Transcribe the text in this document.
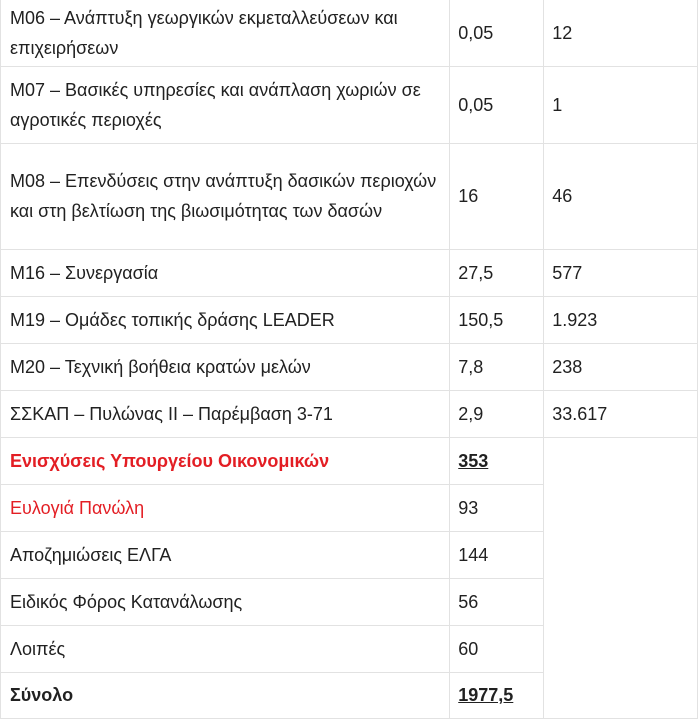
Μ06 – Ανάπτυξη γεωργικών εκμεταλλεύσεων και επιχειρήσεων	0,05	12
Μ07 – Βασικές υπηρεσίες και ανάπλαση χωριών σε αγροτικές περιοχές	0,05	1
Μ08 – Επενδύσεις στην ανάπτυξη δασικών περιοχών και στη βελτίωση της βιωσιμότητας των δασών	16	46
Μ16 – Συνεργασία	27,5	577
Μ19 – Ομάδες τοπικής δράσης LEADER	150,5	1.923
Μ20 – Τεχνική βοήθεια κρατών μελών	7,8	238
ΣΣΚΑΠ – Πυλώνας ΙΙ – Παρέμβαση 3-71	2,9	33.617
Ενισχύσεις Υπουργείου Οικονομικών	353	
Ευλογιά Πανώλη	93	
Αποζημιώσεις ΕΛΓΑ	144	
Ειδικός Φόρος Κατανάλωσης	56	
Λοιπές	60	
Σύνολο	1977,5	
